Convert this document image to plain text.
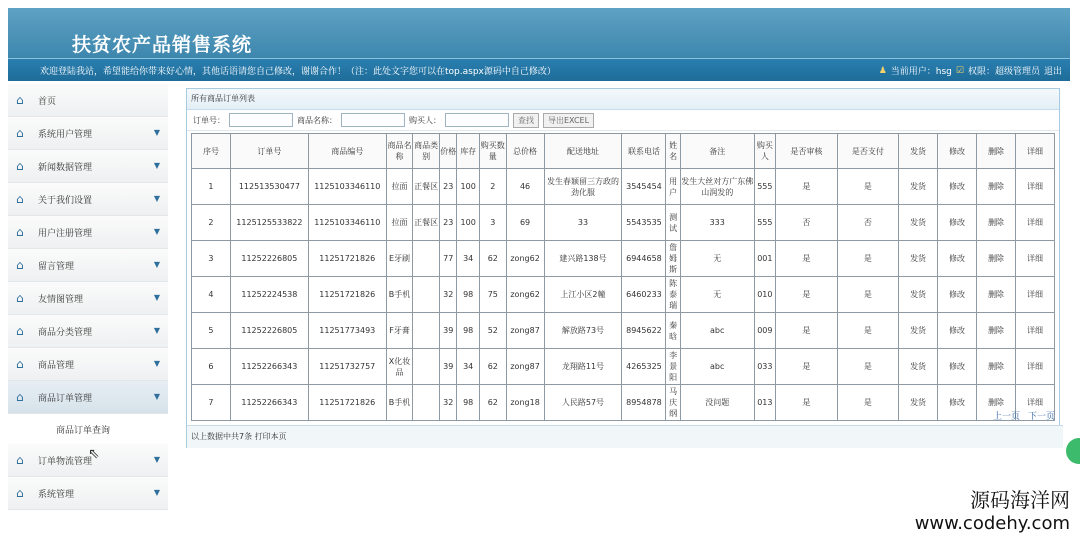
扶贫农产品销售系统
欢迎登陆我站，希望能给你带来好心情，其他话语请您自己修改，谢谢合作！（注：此处文字您可以在top.aspx源码中自己修改）	♟ 当前用户：hsg ☑ 权限：超级管理员 退出
⌂	首页
⌂	系统用户管理	▼
⌂	新闻数据管理	▼
⌂	关于我们设置	▼
⌂	用户注册管理	▼
⌂	留言管理	▼
⌂	友情图管理	▼
⌂	商品分类管理	▼
⌂	商品管理	▼
⌂	商品订单管理	▼
商品订单查询
⌂	订单物流管理	▼
⌂	系统管理	▼
所有商品订单列表
订单号：	商品名称：	购买人：	查找	导出EXCEL
序号	订单号	商品编号	商品名称	商品类别	价格	库存	购买数量	总价格	配送地址	联系电话	姓名	备注	购买人	是否审核	是否支付	发货	修改	删除	详细
1	112513530477	1125103346110	拉面	正餐区	23	100	2	46	发生春颖留三方政的劲化服	3545454	用户	发生大丝对方广东佛山润发的	555	是	是	发货	修改	删除	详细
2	1125125533822	1125103346110	拉面	正餐区	23	100	3	69	33	5543535	测试	333	555	否	否	发货	修改	删除	详细
3	11252226805	11251721826	E牙刷		77	34	62	zong62	建兴路138号	6944658	詹姆斯	无	001	是	是	发货	修改	删除	详细
4	11252224538	11251721826	B手机		32	98	75	zong62	上江小区2幢	6460233	陈泰瑞	无	010	是	是	发货	修改	删除	详细
5	11252226805	11251773493	F牙膏		39	98	52	zong87	解放路73号	8945622	秦晗	abc	009	是	是	发货	修改	删除	详细
6	11252266343	11251732757	X化妆品		39	34	62	zong87	龙翔路11号	4265325	李景阳	abc	033	是	是	发货	修改	删除	详细
7	11252266343	11251721826	B手机		32	98	62	zong18	人民路57号	8954878	马庆纲	没问题	013	是	是	发货	修改	删除	详细
上一页 下一页
以上数据中共7条 打印本页
⇖
源码海洋网
www.codehy.com
